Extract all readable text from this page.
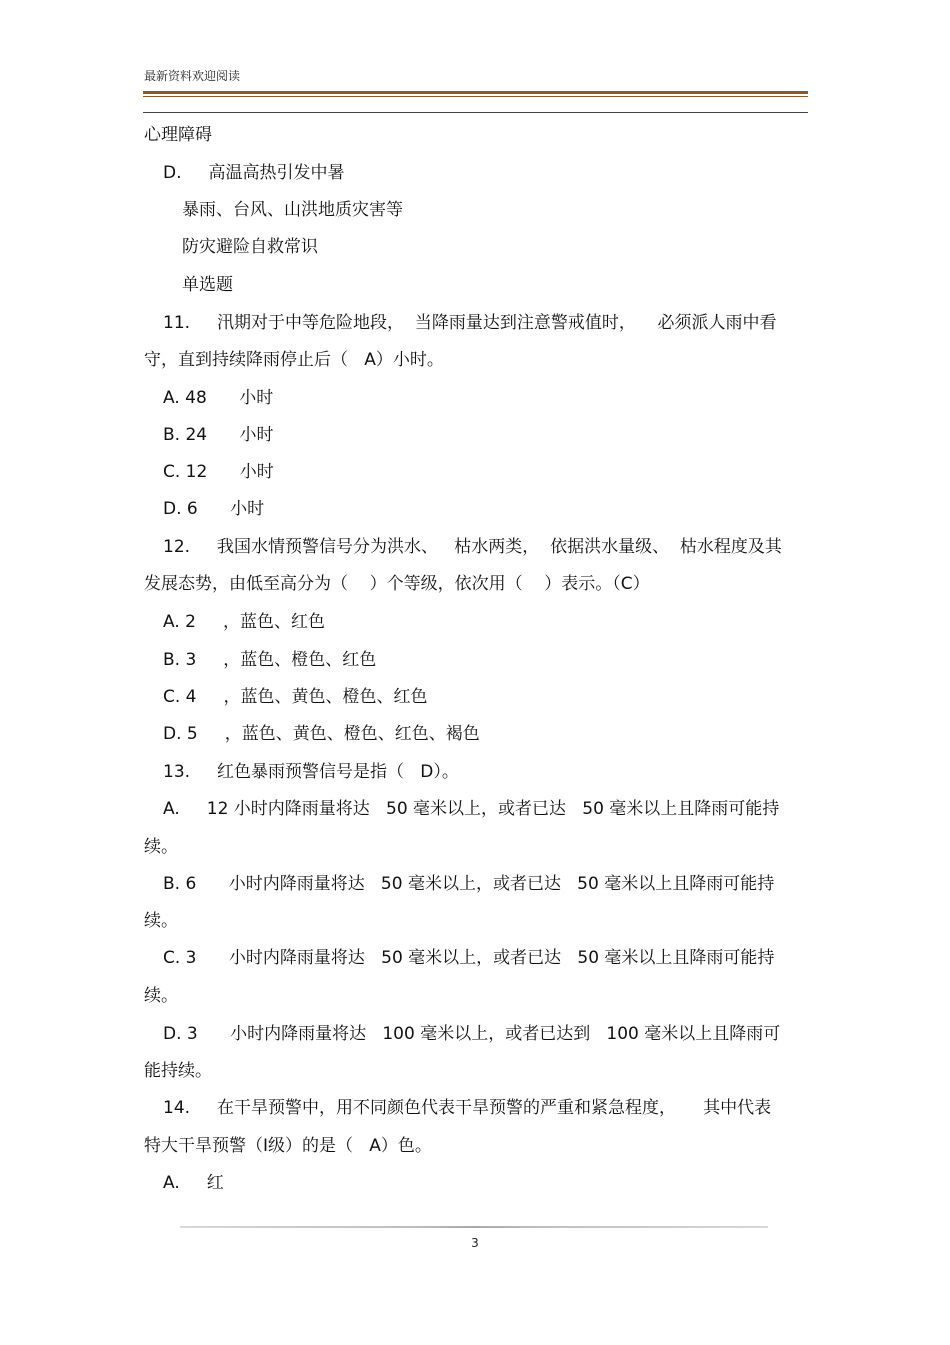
最新资料欢迎阅读
心理障碍
D.     高温高热引发中暑
暴雨、台风、山洪地质灾害等
防灾避险自救常识
单选题
11.     汛期对于中等危险地段，  当降雨量达到注意警戒值时，    必须派人雨中看
守，直到持续降雨停止后（   A）小时。
A. 48      小时
B. 24      小时
C. 12      小时
D. 6      小时
12.     我国水情预警信号分为洪水、   枯水两类，  依据洪水量级、  枯水程度及其
发展态势，由低至高分为（    ）个等级，依次用（    ）表示。（C）
A. 2     ，蓝色、红色
B. 3     ，蓝色、橙色、红色
C. 4     ，蓝色、黄色、橙色、红色
D. 5     ，蓝色、黄色、橙色、红色、褐色
13.     红色暴雨预警信号是指（   D）。
A.     12 小时内降雨量将达   50 毫米以上，或者已达   50 毫米以上且降雨可能持
续。
B. 6      小时内降雨量将达   50 毫米以上，或者已达   50 毫米以上且降雨可能持
续。
C. 3      小时内降雨量将达   50 毫米以上，或者已达   50 毫米以上且降雨可能持
续。
D. 3      小时内降雨量将达   100 毫米以上，或者已达到   100 毫米以上且降雨可
能持续。
14.     在干旱预警中，用不同颜色代表干旱预警的严重和紧急程度，     其中代表
特大干旱预警（Ⅰ级）的是（   A）色。
A.     红
3
